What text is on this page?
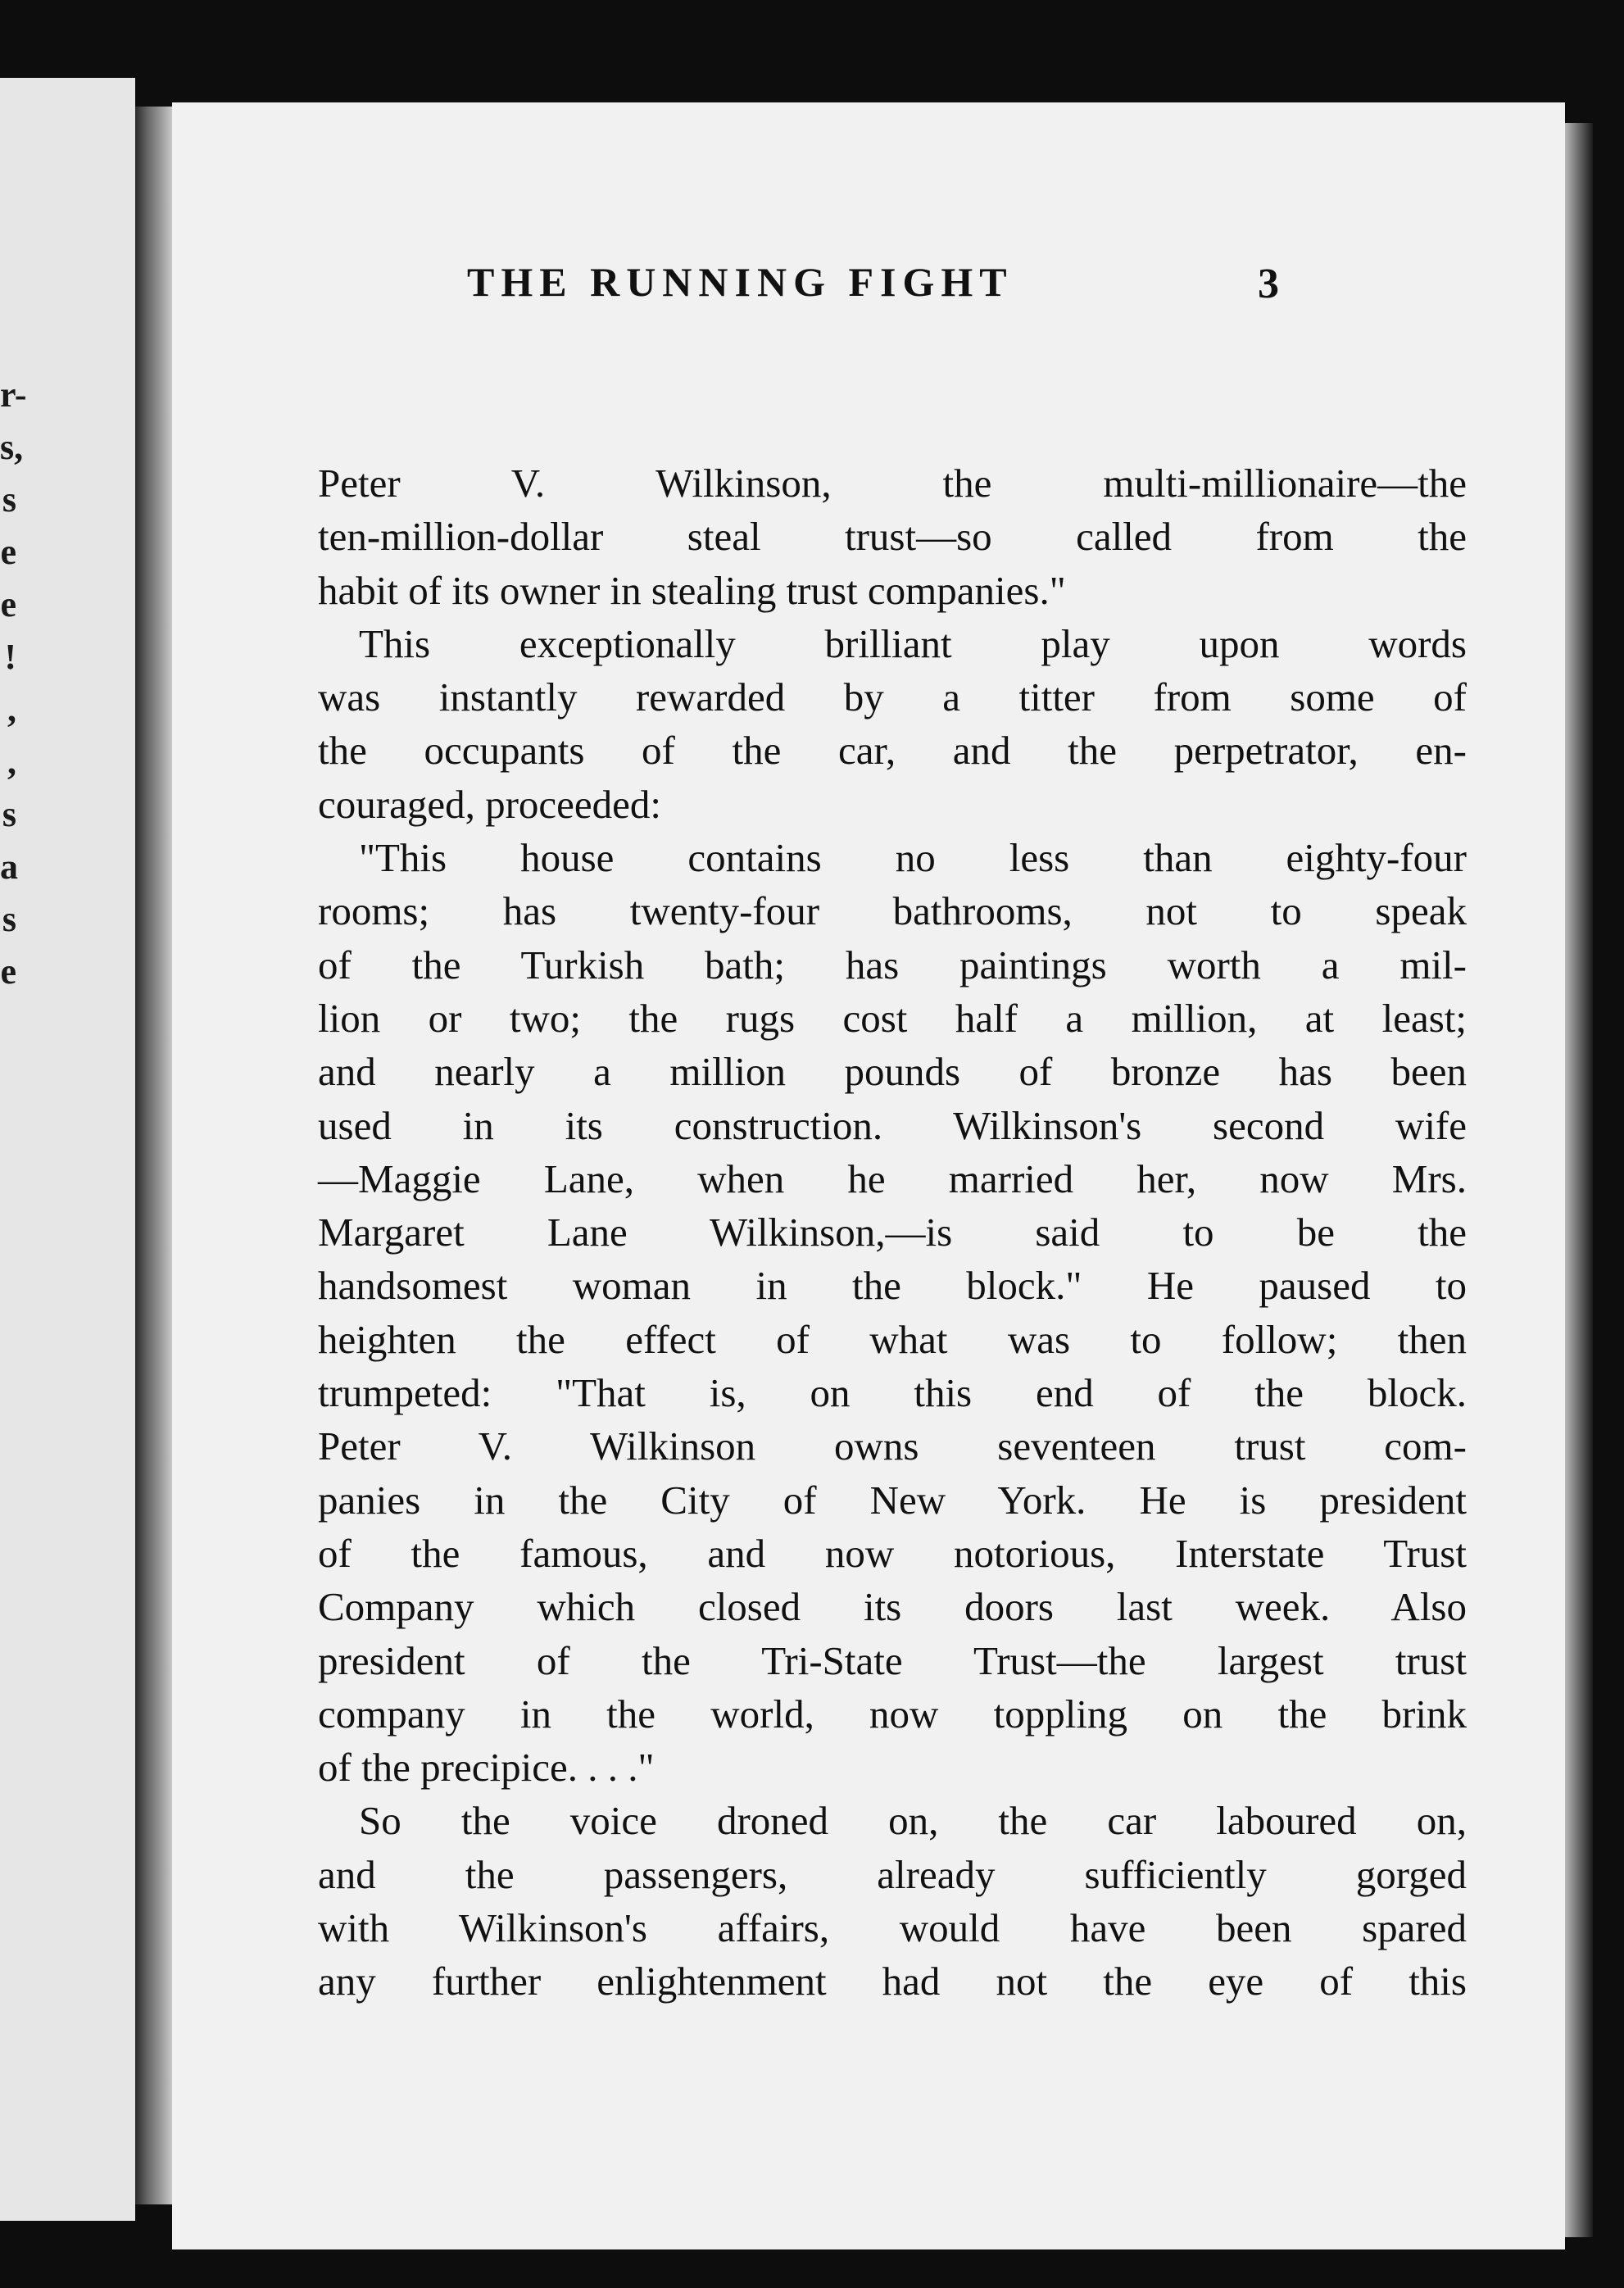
r-
s,
s
e
e
!
,
,
s
a
s
e
THE RUNNING FIGHT	3
Peter V. Wilkinson, the multi-millionaire—the
ten-million-dollar steal trust—so called from the
habit of its owner in stealing trust companies."
This exceptionally brilliant play upon words
was instantly rewarded by a titter from some of
the occupants of the car, and the perpetrator, en-
couraged, proceeded:
"This house contains no less than eighty-four
rooms; has twenty-four bathrooms, not to speak
of the Turkish bath; has paintings worth a mil-
lion or two; the rugs cost half a million, at least;
and nearly a million pounds of bronze has been
used in its construction. Wilkinson's second wife
—Maggie Lane, when he married her, now Mrs.
Margaret Lane Wilkinson,—is said to be the
handsomest woman in the block." He paused to
heighten the effect of what was to follow; then
trumpeted: "That is, on this end of the block.
Peter V. Wilkinson owns seventeen trust com-
panies in the City of New York. He is president
of the famous, and now notorious, Interstate Trust
Company which closed its doors last week. Also
president of the Tri-State Trust—the largest trust
company in the world, now toppling on the brink
of the precipice. . . ."
So the voice droned on, the car laboured on,
and the passengers, already sufficiently gorged
with Wilkinson's affairs, would have been spared
any further enlightenment had not the eye of this
